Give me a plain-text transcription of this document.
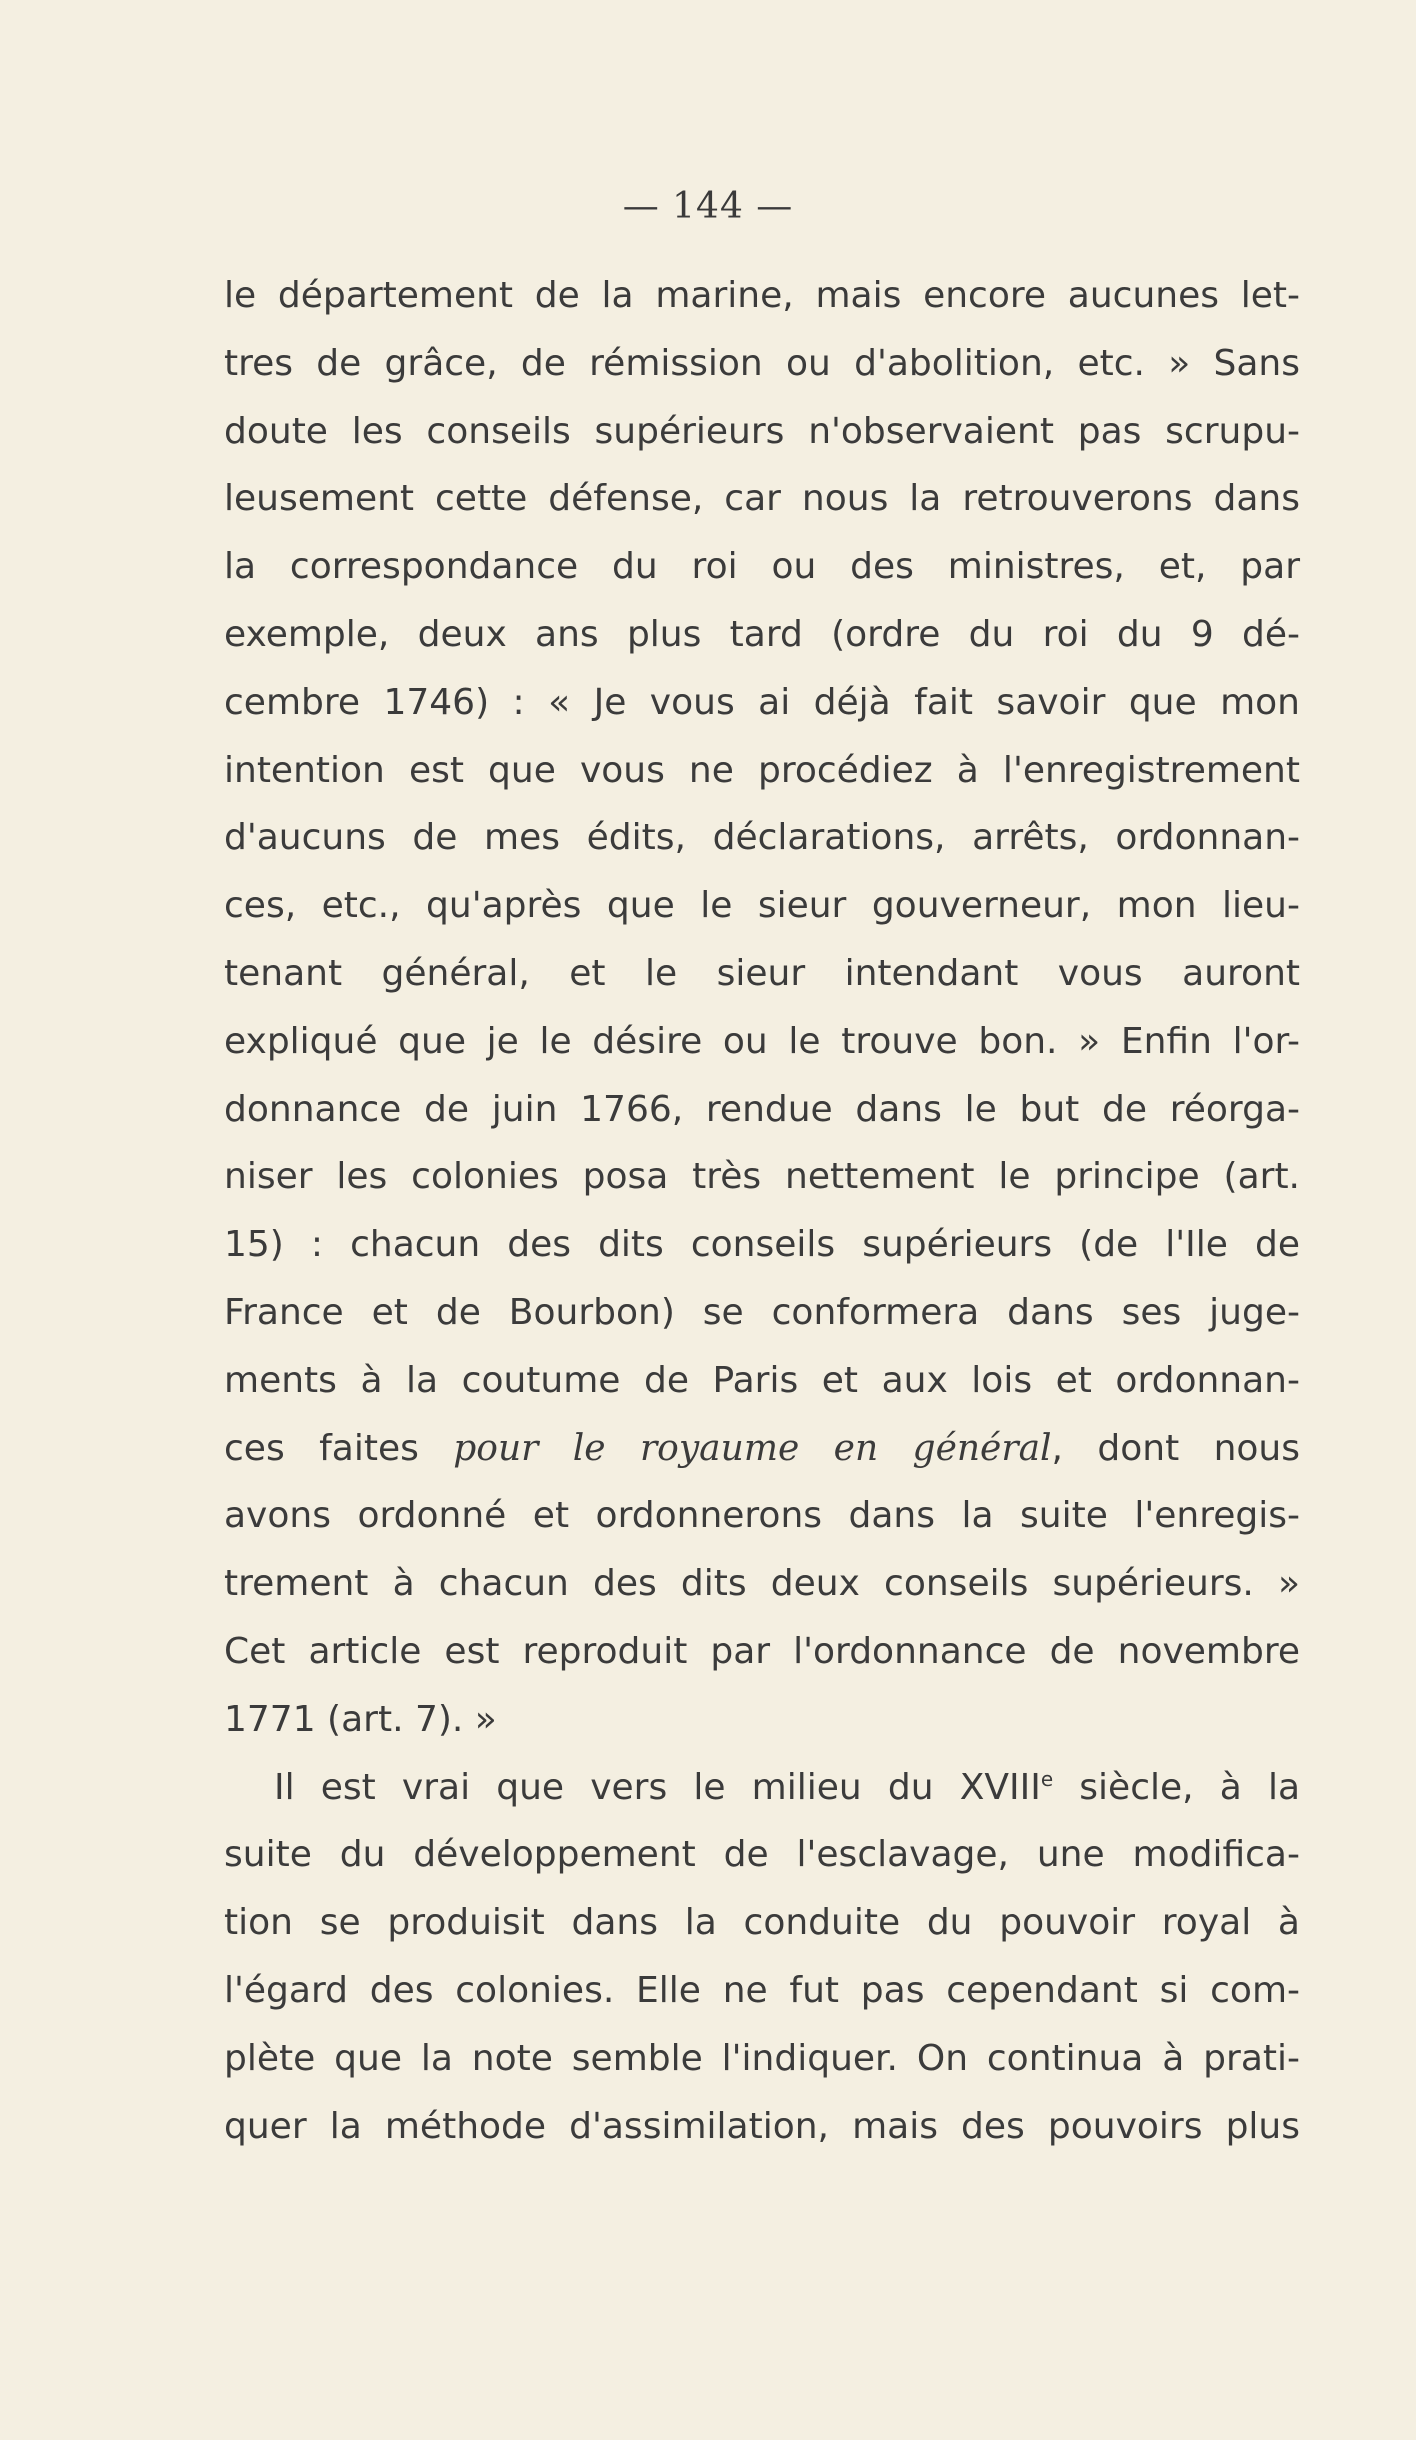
— 144 —
le département de la marine, mais encore aucunes let-
tres de grâce, de rémission ou d'abolition, etc. » Sans
doute les conseils supérieurs n'observaient pas scrupu-
leusement cette défense, car nous la retrouverons dans
la correspondance du roi ou des ministres, et, par
exemple, deux ans plus tard (ordre du roi du 9 dé-
cembre 1746) : « Je vous ai déjà fait savoir que mon
intention est que vous ne procédiez à l'enregistrement
d'aucuns de mes édits, déclarations, arrêts, ordonnan-
ces, etc., qu'après que le sieur gouverneur, mon lieu-
tenant général, et le sieur intendant vous auront
expliqué que je le désire ou le trouve bon. » Enfin l'or-
donnance de juin 1766, rendue dans le but de réorga-
niser les colonies posa très nettement le principe (art.
15) : chacun des dits conseils supérieurs (de l'Ile de
France et de Bourbon) se conformera dans ses juge-
ments à la coutume de Paris et aux lois et ordonnan-
ces faites pour le royaume en général, dont nous
avons ordonné et ordonnerons dans la suite l'enregis-
trement à chacun des dits deux conseils supérieurs. »
Cet article est reproduit par l'ordonnance de novembre
1771 (art. 7). »
Il est vrai que vers le milieu du XVIIIe siècle, à la
suite du développement de l'esclavage, une modifica-
tion se produisit dans la conduite du pouvoir royal à
l'égard des colonies. Elle ne fut pas cependant si com-
plète que la note semble l'indiquer. On continua à prati-
quer la méthode d'assimilation, mais des pouvoirs plus
